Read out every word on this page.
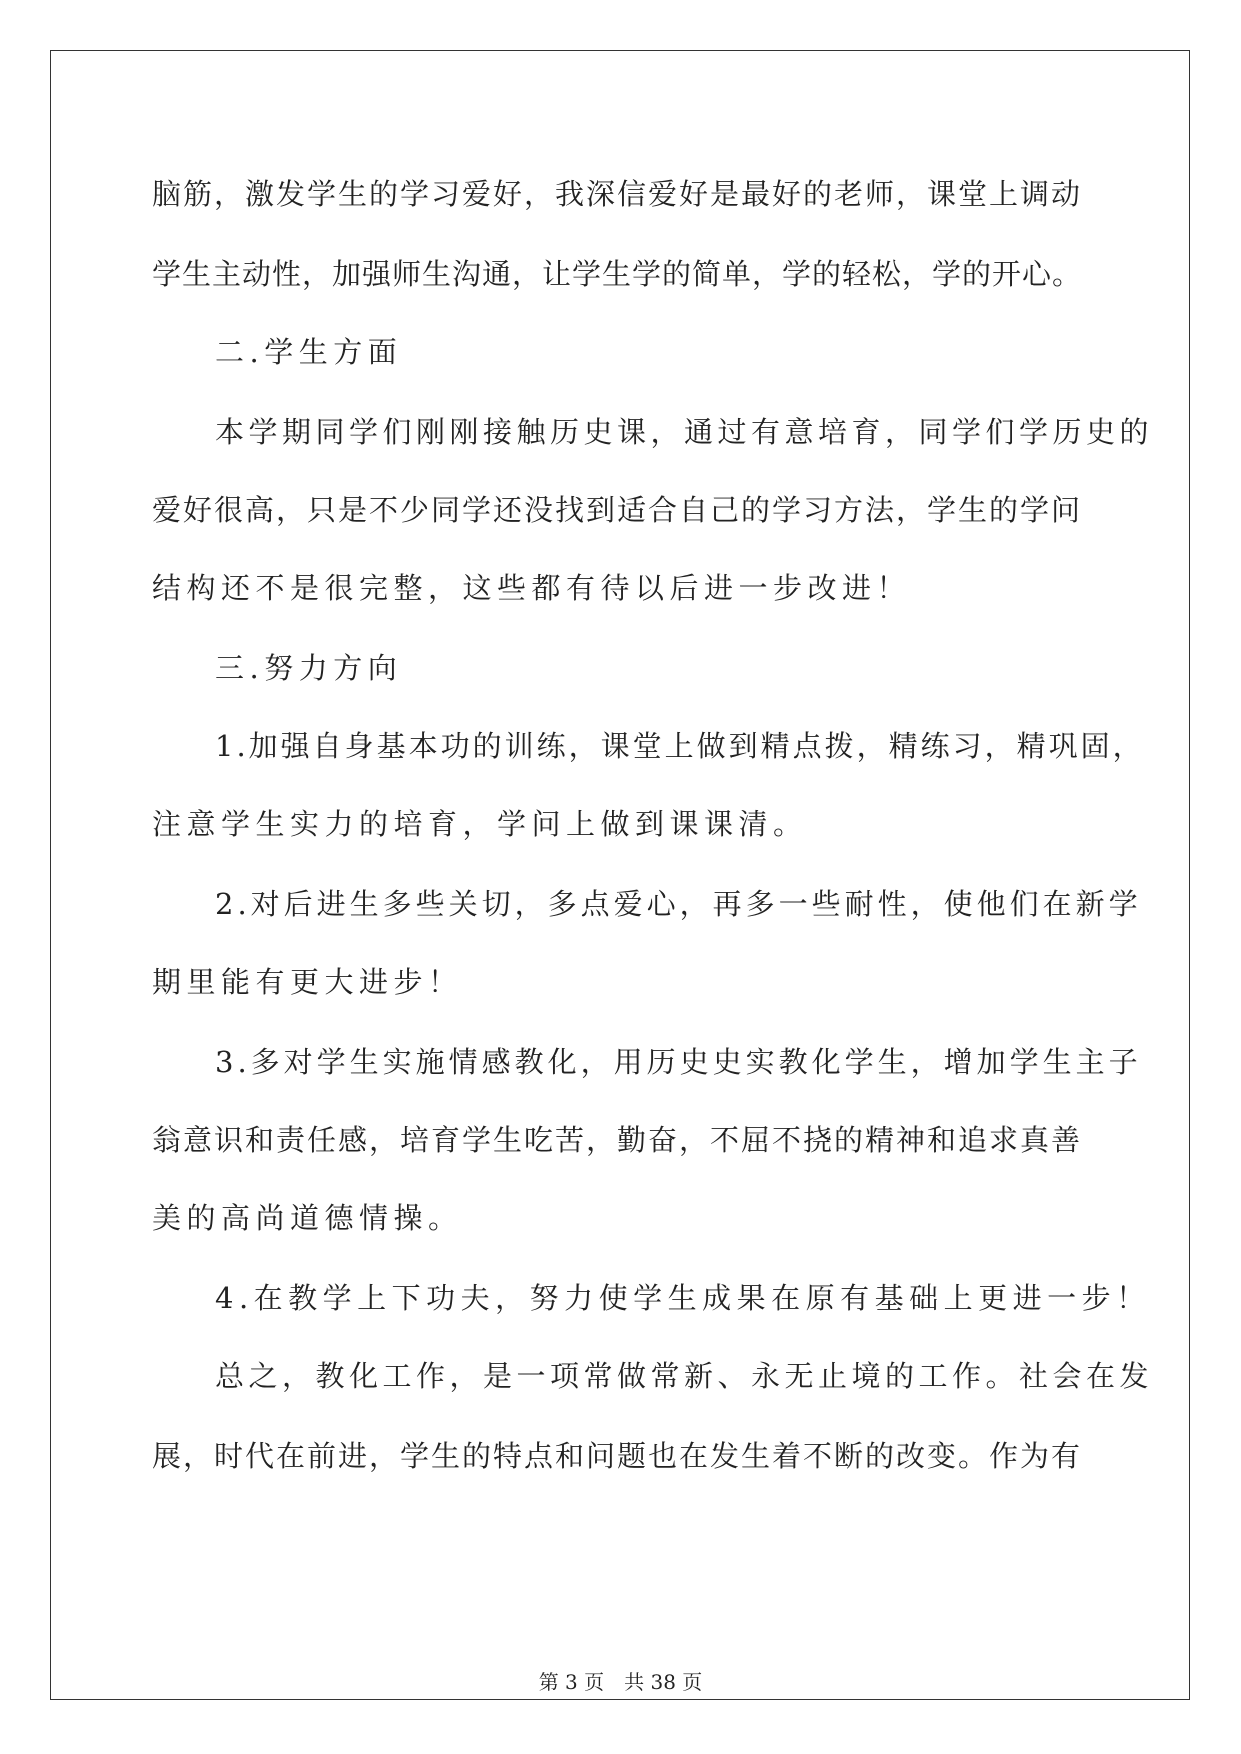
脑筋，激发学生的学习爱好，我深信爱好是最好的老师，课堂上调动

学生主动性，加强师生沟通，让学生学的简单，学的轻松，学的开心。

二.学生方面

本学期同学们刚刚接触历史课，通过有意培育，同学们学历史的

爱好很高，只是不少同学还没找到适合自己的学习方法，学生的学问

结构还不是很完整，这些都有待以后进一步改进！

三.努力方向

1.加强自身基本功的训练，课堂上做到精点拨，精练习，精巩固，

注意学生实力的培育，学问上做到课课清。

2.对后进生多些关切，多点爱心，再多一些耐性，使他们在新学

期里能有更大进步！

3.多对学生实施情感教化，用历史史实教化学生，增加学生主子

翁意识和责任感，培育学生吃苦，勤奋，不屈不挠的精神和追求真善

美的高尚道德情操。

4.在教学上下功夫，努力使学生成果在原有基础上更进一步！

总之，教化工作，是一项常做常新、永无止境的工作。社会在发

展，时代在前进，学生的特点和问题也在发生着不断的改变。作为有

第 3 页　共 38 页
